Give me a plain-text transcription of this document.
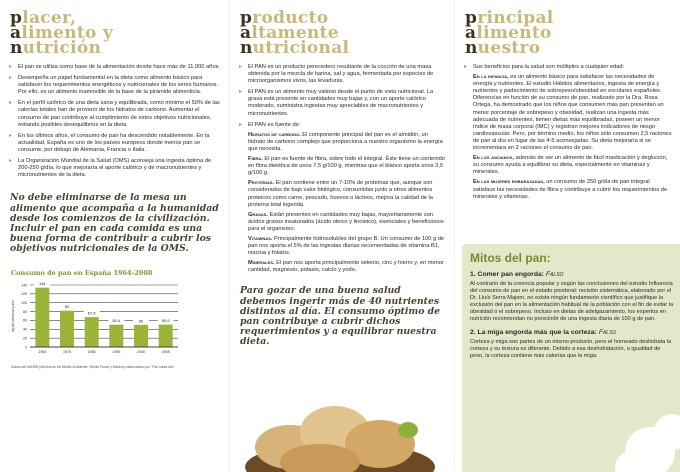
placer,
alimento y
nutrición
▸ El pan se utiliza como base de la alimentación desde hace más de 11.000 años.
▸ Desempeña un papel fundamental en la dieta como alimento básico para satisfacer los requerimientos energéticos y nutricionales de los seres humanos. Por ello, es un alimento inamovible de la base de la pirámide alimenticia.
▸ En el perfil calórico de una dieta sana y equilibrada, como mínimo el 50% de las calorías totales han de provenir de los hidratos de carbono. Aumentar el consumo de pan contribuye al cumplimiento de estos objetivos nutricionales, evitando posibles desequilibrios en la dieta.
▸ En los últimos años, el consumo de pan ha descendido notablemente. En la actualidad, España es uno de los países europeos donde menos pan se consume, por debajo de Alemania, Francia o Italia.
▸ La Organización Mundial de la Salud (OMS) aconseja una ingesta óptima de 200-250 g/día, lo que mejoraría el aporte calórico y de macronutrientes y micronutrientes de la dieta.
No debe eliminarse de la mesa un alimento que acompaña a la humanidad desde los comienzos de la civilización. Incluir el pan en cada comida es una buena forma de contribuir a cubrir los objetivos nutricionales de la OMS.
Consumo de pan en España 1964-2008
0
20
40
60
80
100
120
140
kg por persona y año
134
1964
82
1975
67,5
1985
50,4
1995
50
2000
50,6
2008
Datos del MARM (Ministerio de Medio Ambiente, Medio Rural y Marino) elaborados por "Pan cada día".
producto
altamente
nutricional
▸ El PAN es un producto perecedero resultante de la cocción de una masa obtenida por la mezcla de harina, sal y agua, fermentada por especies de microorganismos vivos, las levaduras.
▸ El PAN es un alimento muy valioso desde el punto de vista nutricional. La grasa está presente en cantidades muy bajas y, con un aporte calórico moderado, suministra ingestas muy apreciables de macronutrientes y micronutrientes.
▸ El PAN es fuente de:
Hidratos de carbono. El componente principal del pan es el almidón, un hidrato de carbono complejo que proporciona a nuestro organismo la energía que necesita.
Fibra. El pan es fuente de fibra, sobre todo el integral. Éste tiene un contenido en fibra dietética de unos 7,5 g/100 g, mientras que el blanco aporta unos 3,5 g/100 g.
Proteínas. El pan contiene entre un 7-10% de proteínas que, aunque son consideradas de bajo valor biológico, consumidas junto a otros alimentos proteicos como carne, pescado, huevos o lácteos, mejora la calidad de la proteína total ingerida.
Grasas. Están presentes en cantidades muy bajas, mayoritariamente son ácidos grasos insaturados (ácido oleico y linoleico), esenciales y beneficiosos para el organismo.
Vitaminas. Principalmente hidrosolubles del grupo B. Un consumo de 100 g de pan nos aporta el 5% de las ingestas diarias recomendadas de vitamina B1, niacina y folatos.
Minerales. El pan nos aporta principalmente selenio, cinc y hierro y, en menor cantidad, magnesio, potasio, calcio y yodo.
Para gozar de una buena salud debemos ingerir más de 40 nutrientes distintos al día. El consumo óptimo de pan contribuye a cubrir dichos requerimientos y a equilibrar nuestra dieta.
principal
alimento
nuestro
▸ Sus beneficios para la salud son múltiples a cualquier edad:
En la infancia, es un alimento básico para satisfacer las necesidades de energía y nutrientes. El estudio Hábitos alimentarios, ingesta de energía y nutrientes y padecimiento de sobrepeso/obesidad en escolares españoles. Diferencias en función de su consumo de pan, realizado por la Dra. Rosa Ortega, ha demostrado que los niños que consumen más pan presentan un menor porcentaje de sobrepeso y obesidad, realizan una ingesta más adecuada de nutrientes, tienen dietas más equilibradas, poseen un menor índice de masa corporal (IMC) y registran mejores indicadores de riesgo cardiovascular. Pero, por término medio, los niños sólo consumen 2,5 raciones de pan al día en lugar de las 4-5 aconsejadas. Su dieta mejoraría si se incrementara en 2 raciones el consumo de pan.
En los ancianos, además de ser un alimento de fácil masticación y deglución, su consumo ayuda a equilibrar su dieta, especialmente en vitaminas y minerales.
En las mujeres embarazadas, un consumo de 250 g/día de pan integral satisface las necesidades de fibra y contribuye a cubrir los requerimientos de minerales y vitaminas.
Mitos del pan:
1. Comer pan engorda: Falso

Al contrario de la creencia popular y según las conclusiones del estudio Influencia del consumo de pan en el estado ponderal: revisión sistemática, elaborado por el Dr. Lluís Serra Majem, no existe ningún fundamento científico que justifique la exclusión del pan en la alimentación habitual de la población con el fin de evitar la obesidad o el sobrepeso. Incluso en dietas de adelgazamiento, los expertos en nutrición recomiendan no prescindir de una ingesta diaria de 100 g de pan.

2. La miga engorda más que la corteza: Falso

Corteza y miga son partes de un mismo producto, pero el horneado deshidrata la corteza y su textura es diferente. Debido a esa deshidratación, a igualdad de peso, la corteza contiene más calorías que la miga.
